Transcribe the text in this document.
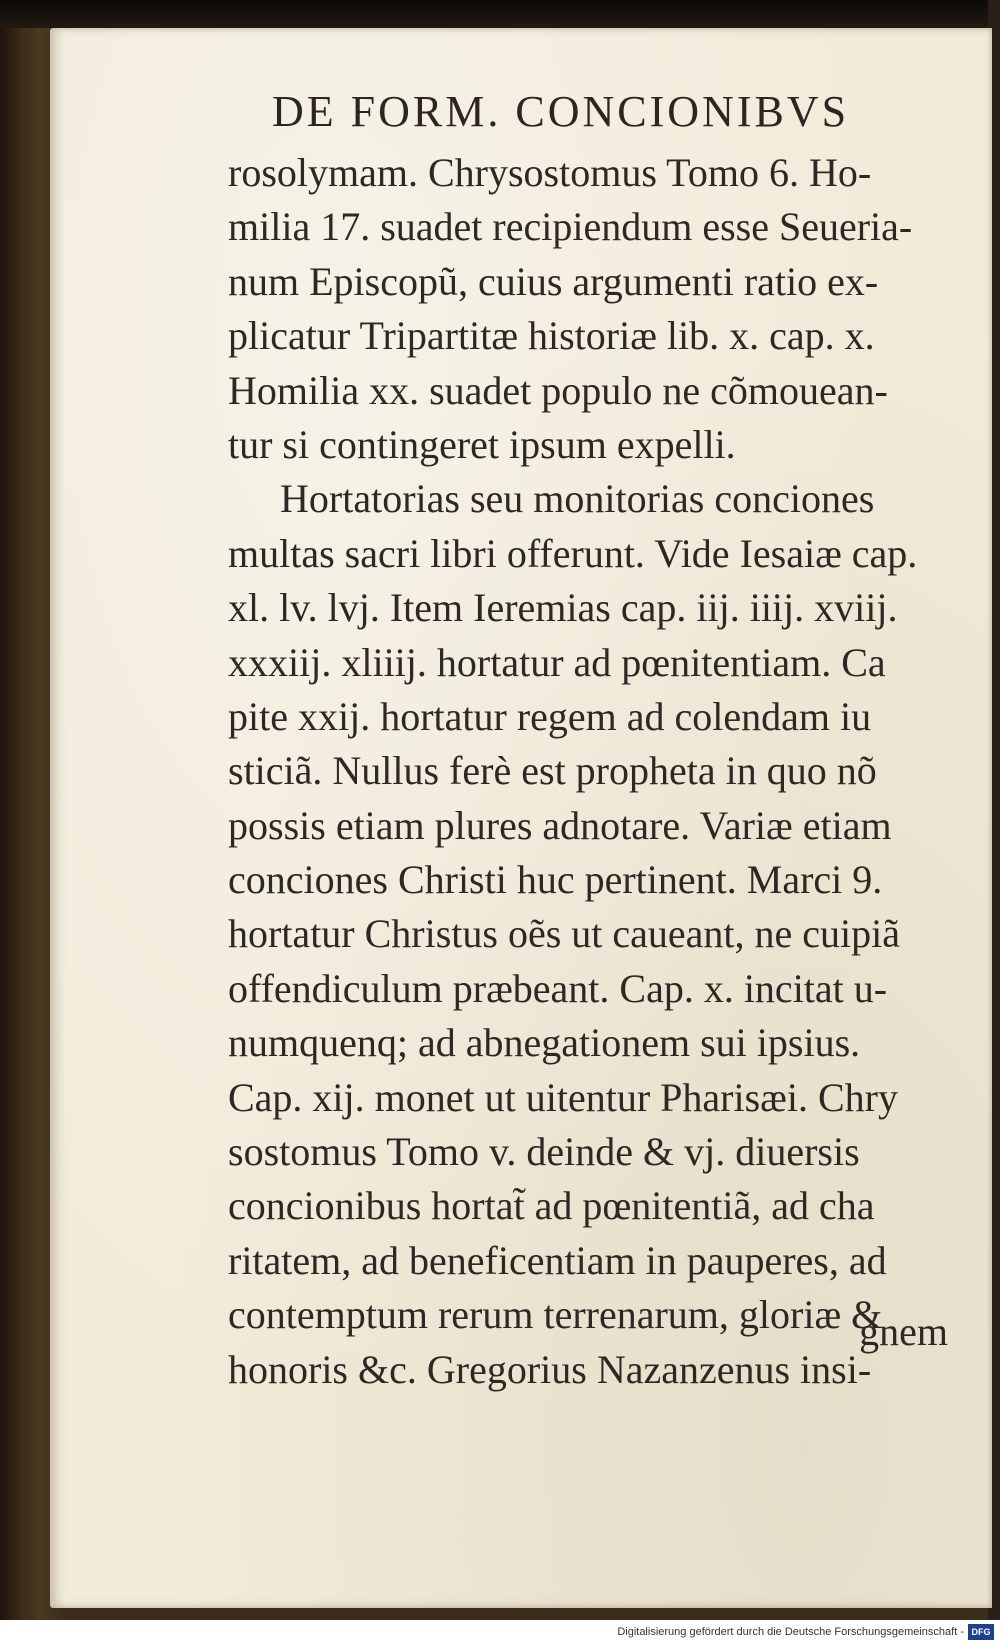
DE FORM. CONCIONIBVS
rosolymam. Chrysostomus Tomo 6. Ho-
milia 17. suadet recipiendum esse Seueria-
num Episcopũ, cuius argumenti ratio ex-
plicatur Tripartitæ historiæ lib. x. cap. x.
Homilia xx. suadet populo ne cõmouean-
tur si contingeret ipsum expelli.
Hortatorias seu monitorias conciones
multas sacri libri offerunt. Vide Iesaiæ cap.
xl. lv. lvj. Item Ieremias cap. iij. iiij. xviij.
xxxiij. xliiij. hortatur ad pœnitentiam. Ca
pite xxij. hortatur regem ad colendam iu
sticiã. Nullus ferè est propheta in quo nõ
possis etiam plures adnotare. Variæ etiam
conciones Christi huc pertinent. Marci 9.
hortatur Christus oẽs ut caueant, ne cuipiã
offendiculum præbeant. Cap. x. incitat u-
numquenq; ad abnegationem sui ipsius.
Cap. xij. monet ut uitentur Pharisæi. Chry
sostomus Tomo v. deinde & vj. diuersis
concionibus hortat̃ ad pœnitentiã, ad cha
ritatem, ad beneficentiam in pauperes, ad
contemptum rerum terrenarum, gloriæ &
honoris &c. Gregorius Nazanzenus insi-
gnem
Digitalisierung gefördert durch die Deutsche Forschungsgemeinschaft - DFG
